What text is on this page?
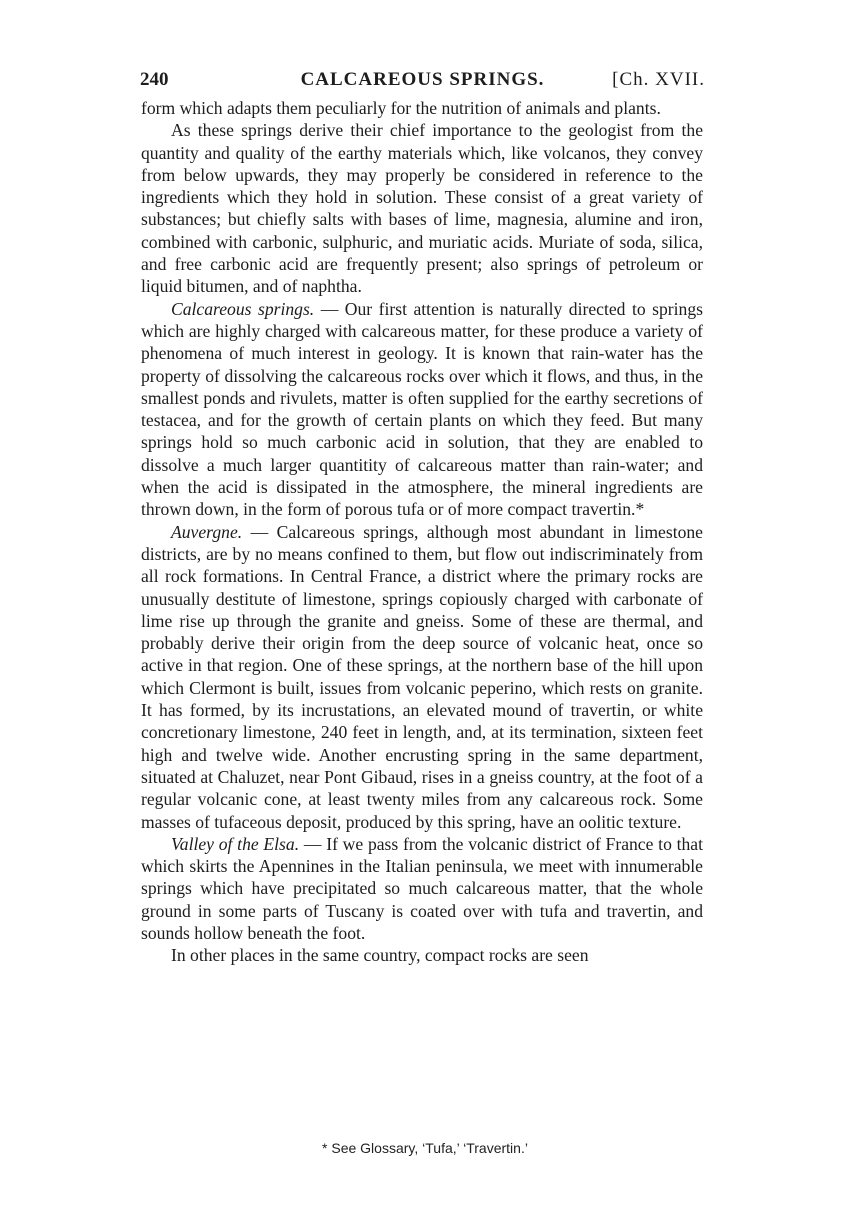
240	CALCAREOUS SPRINGS.	[Ch. XVII.

form which adapts them peculiarly for the nutrition of animals and plants.

As these springs derive their chief importance to the geologist from the quantity and quality of the earthy materials which, like volcanos, they convey from below upwards, they may properly be considered in reference to the ingredients which they hold in solution. These consist of a great variety of substances; but chiefly salts with bases of lime, magnesia, alumine and iron, combined with carbonic, sulphuric, and muriatic acids. Muriate of soda, silica, and free carbonic acid are frequently present; also springs of petroleum or liquid bitumen, and of naphtha.

Calcareous springs. — Our first attention is naturally directed to springs which are highly charged with calcareous matter, for these produce a variety of phenomena of much interest in geology. It is known that rain-water has the property of dissolving the calcareous rocks over which it flows, and thus, in the smallest ponds and rivulets, matter is often supplied for the earthy secretions of testacea, and for the growth of certain plants on which they feed. But many springs hold so much carbonic acid in solution, that they are enabled to dissolve a much larger quantitity of calcareous matter than rain-water; and when the acid is dissipated in the atmosphere, the mineral ingredients are thrown down, in the form of porous tufa or of more compact travertin.*

Auvergne. — Calcareous springs, although most abundant in limestone districts, are by no means confined to them, but flow out indiscriminately from all rock formations. In Central France, a district where the primary rocks are unusually destitute of limestone, springs copiously charged with carbonate of lime rise up through the granite and gneiss. Some of these are thermal, and probably derive their origin from the deep source of volcanic heat, once so active in that region. One of these springs, at the northern base of the hill upon which Clermont is built, issues from volcanic peperino, which rests on granite. It has formed, by its incrustations, an elevated mound of travertin, or white concretionary limestone, 240 feet in length, and, at its termination, sixteen feet high and twelve wide. Another encrusting spring in the same department, situated at Chaluzet, near Pont Gibaud, rises in a gneiss country, at the foot of a regular volcanic cone, at least twenty miles from any calcareous rock. Some masses of tufaceous deposit, produced by this spring, have an oolitic texture.

Valley of the Elsa. — If we pass from the volcanic district of France to that which skirts the Apennines in the Italian peninsula, we meet with innumerable springs which have precipitated so much calcareous matter, that the whole ground in some parts of Tuscany is coated over with tufa and travertin, and sounds hollow beneath the foot.

In other places in the same country, compact rocks are seen

* See Glossary, ‘Tufa,’ ‘Travertin.’
